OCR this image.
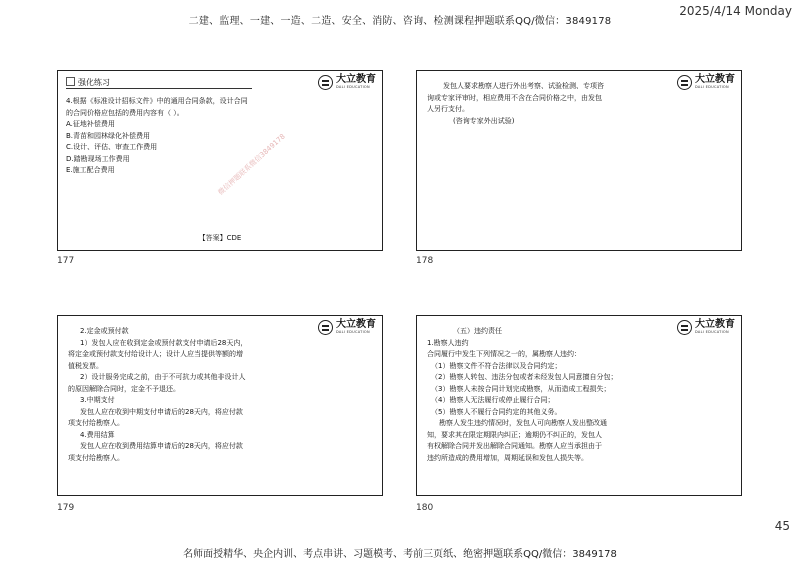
二建、监理、一建、一造、二造、安全、消防、咨询、检测课程押题联系QQ/微信：3849178
2025/4/14 Monday
强化练习	大立教育
DALI EDUCATION

4.根据《标准设计招标文件》中的通用合同条款，设计合同

的合同价格应包括的费用内容有（ ）。

A.征地补偿费用

B.青苗和园林绿化补偿费用

C.设计、评估、审查工作费用

D.踏勘现场工作费用

E.施工配合费用

【答案】CDE
177
大立教育
DALI EDUCATION

发包人要求勘察人进行外出考察、试验检测、专项咨

询或专家评审时，相应费用不含在合同价格之中，由发包

人另行支付。

(咨询专家外出试验)

178
大立教育
DALI EDUCATION

2.定金或预付款

1）发包人应在收到定金或预付款支付申请后28天内，

将定金或预付款支付给设计人；设计人应当提供等额的增

值税发票。

2）设计服务完成之前，由于不可抗力或其他非设计人

的原因解除合同时，定金不予退还。

3.中期支付

发包人应在收到中期支付申请后的28天内，将应付款

项支付给勘察人。

4.费用结算

发包人应在收到费用结算申请后的28天内，将应付款

项支付给勘察人。

179
大立教育
DALI EDUCATION

（五）违约责任

1.勘察人违约

合同履行中发生下列情况之一的，属勘察人违约：

（1）勘察文件不符合法律以及合同约定；

（2）勘察人转包、违法分包或者未经发包人同意擅自分包；

（3）勘察人未按合同计划完成勘察，从而造成工程损失；

（4）勘察人无法履行或停止履行合同；

（5）勘察人不履行合同约定的其他义务。

勘察人发生违约情况时，发包人可向勘察人发出整改通

知，要求其在限定期限内纠正；逾期仍不纠正的，发包人

有权解除合同并发出解除合同通知。勘察人应当承担由于

违约所造成的费用增加，周期延误和发包人损失等。

180
微信押题联系微信3849178
45
名师面授精华、央企内训、考点串讲、习题模考、考前三页纸、绝密押题联系QQ/微信：3849178
